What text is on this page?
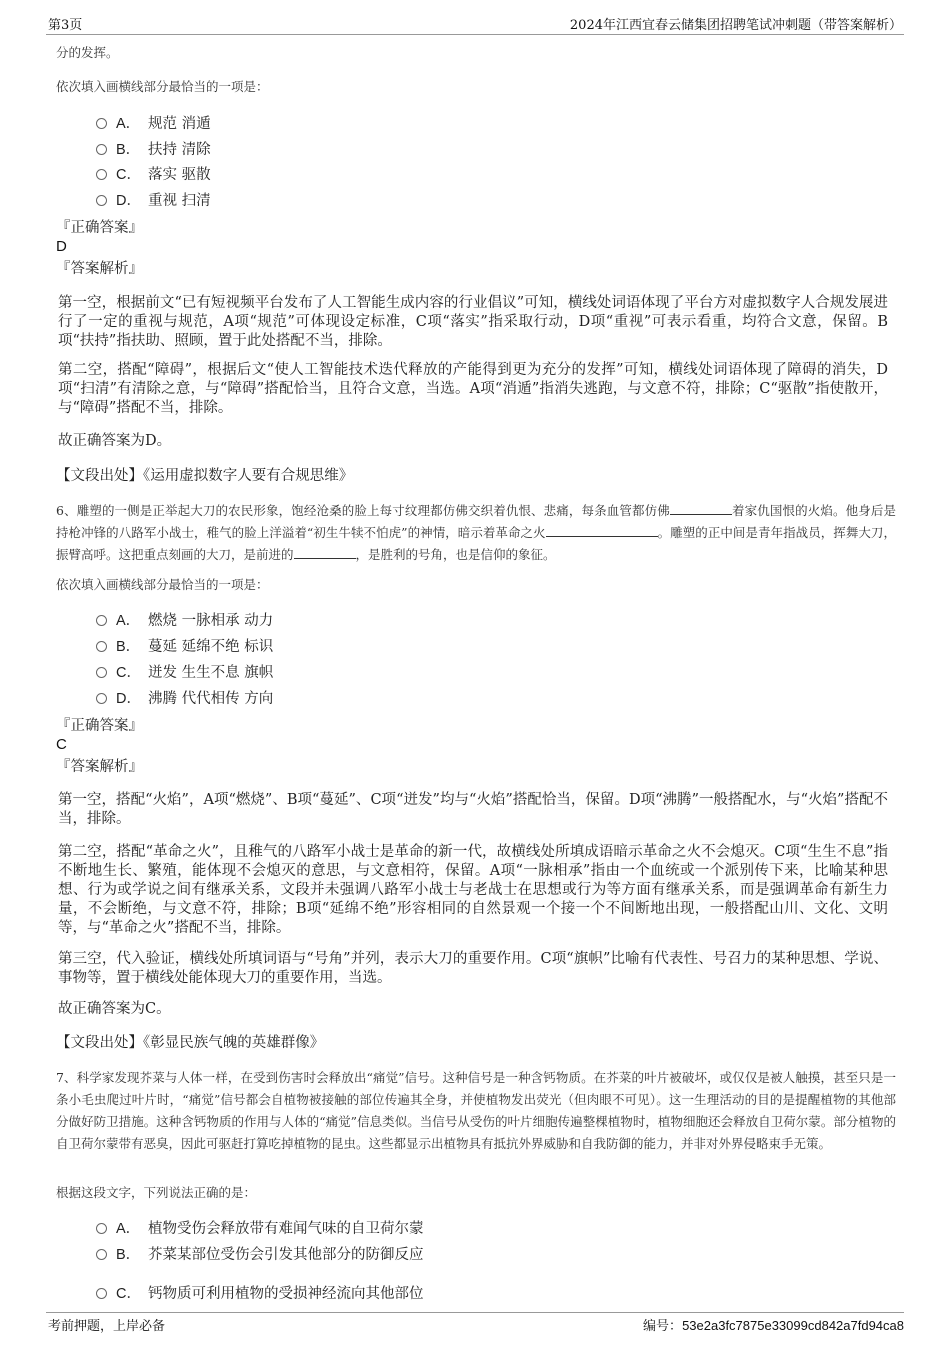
第3页	2024年江西宜春云储集团招聘笔试冲刺题（带答案解析）
分的发挥。
依次填入画横线部分最恰当的一项是：
A． 规范 消遁
B． 扶持 清除
C． 落实 驱散
D． 重视 扫清
『正确答案』
D
『答案解析』
第一空，根据前文“已有短视频平台发布了人工智能生成内容的行业倡议”可知，横线处词语体现了平台方对虚拟数字人合规发展进行了一定的重视与规范，A项“规范”可体现设定标准，C项“落实”指采取行动，D项“重视”可表示看重，均符合文意，保留。B项“扶持”指扶助、照顾，置于此处搭配不当，排除。
第二空，搭配“障碍”，根据后文“使人工智能技术迭代释放的产能得到更为充分的发挥”可知，横线处词语体现了障碍的消失，D项“扫清”有清除之意，与“障碍”搭配恰当，且符合文意，当选。A项“消遁”指消失逃跑，与文意不符，排除；C“驱散”指使散开，与“障碍”搭配不当，排除。
故正确答案为D。
【文段出处】《运用虚拟数字人要有合规思维》
6、雕塑的一侧是正举起大刀的农民形象，饱经沧桑的脸上每寸纹理都仿佛交织着仇恨、悲痛，每条血管都仿佛	着家仇国恨的火焰。他身后是持枪冲锋的八路军小战士，稚气的脸上洋溢着“初生牛犊不怕虎”的神情，暗示着革命之火	。雕塑的正中间是青年指战员，挥舞大刀，振臂高呼。这把重点刻画的大刀，是前进的	，是胜利的号角，也是信仰的象征。
依次填入画横线部分最恰当的一项是：
A． 燃烧 一脉相承 动力
B． 蔓延 延绵不绝 标识
C． 迸发 生生不息 旗帜
D． 沸腾 代代相传 方向
『正确答案』
C
『答案解析』
第一空，搭配“火焰”，A项“燃烧”、B项“蔓延”、C项“迸发”均与“火焰”搭配恰当，保留。D项“沸腾”一般搭配水，与“火焰”搭配不当，排除。
第二空，搭配“革命之火”，且稚气的八路军小战士是革命的新一代，故横线处所填成语暗示革命之火不会熄灭。C项“生生不息”指不断地生长、繁殖，能体现不会熄灭的意思，与文意相符，保留。A项“一脉相承”指由一个血统或一个派别传下来，比喻某种思想、行为或学说之间有继承关系，文段并未强调八路军小战士与老战士在思想或行为等方面有继承关系，而是强调革命有新生力量，不会断绝，与文意不符，排除；B项“延绵不绝”形容相同的自然景观一个接一个不间断地出现，一般搭配山川、文化、文明等，与“革命之火”搭配不当，排除。
第三空，代入验证，横线处所填词语与“号角”并列，表示大刀的重要作用。C项“旗帜”比喻有代表性、号召力的某种思想、学说、事物等，置于横线处能体现大刀的重要作用，当选。
故正确答案为C。
【文段出处】《彰显民族气魄的英雄群像》
7、科学家发现芥菜与人体一样，在受到伤害时会释放出“痛觉”信号。这种信号是一种含钙物质。在芥菜的叶片被破坏，或仅仅是被人触摸，甚至只是一条小毛虫爬过叶片时，“痛觉”信号都会自植物被接触的部位传遍其全身，并使植物发出荧光（但肉眼不可见）。这一生理活动的目的是提醒植物的其他部分做好防卫措施。这种含钙物质的作用与人体的“痛觉”信息类似。当信号从受伤的叶片细胞传遍整棵植物时，植物细胞还会释放自卫荷尔蒙。部分植物的自卫荷尔蒙带有恶臭，因此可驱赶打算吃掉植物的昆虫。这些都显示出植物具有抵抗外界威胁和自我防御的能力，并非对外界侵略束手无策。
根据这段文字，下列说法正确的是：
A． 植物受伤会释放带有难闻气味的自卫荷尔蒙
B． 芥菜某部位受伤会引发其他部分的防御反应
C． 钙物质可利用植物的受损神经流向其他部位
考前押题，上岸必备	编号：53e2a3fc7875e33099cd842a7fd94ca8
